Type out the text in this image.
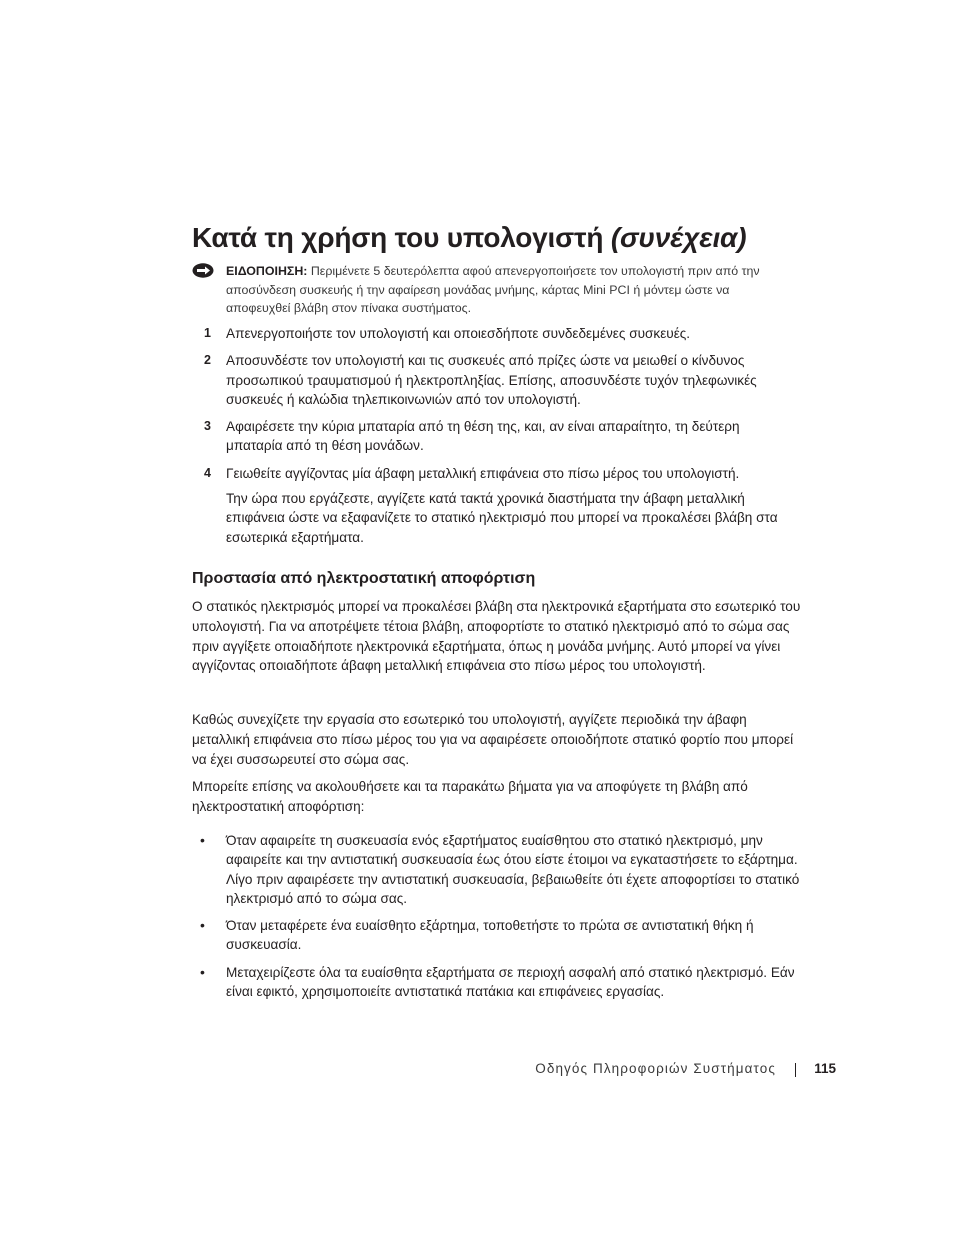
Κατά τη χρήση του υπολογιστή (συνέχεια)

ΕΙΔΟΠΟΙΗΣΗ: Περιμένετε 5 δευτερόλεπτα αφού απενεργοποιήσετε τον υπολογιστή πριν από την αποσύνδεση συσκευής ή την αφαίρεση μονάδας μνήμης, κάρτας Mini PCI ή μόντεμ ώστε να αποφευχθεί βλάβη στον πίνακα συστήματος.

1 Απενεργοποιήστε τον υπολογιστή και οποιεσδήποτε συνδεδεμένες συσκευές.
2 Αποσυνδέστε τον υπολογιστή και τις συσκευές από πρίζες ώστε να μειωθεί ο κίνδυνος προσωπικού τραυματισμού ή ηλεκτροπληξίας. Επίσης, αποσυνδέστε τυχόν τηλεφωνικές συσκευές ή καλώδια τηλεπικοινωνιών από τον υπολογιστή.
3 Αφαιρέσετε την κύρια μπαταρία από τη θέση της, και, αν είναι απαραίτητο, τη δεύτερη μπαταρία από τη θέση μονάδων.
4 Γειωθείτε αγγίζοντας μία άβαφη μεταλλική επιφάνεια στο πίσω μέρος του υπολογιστή.

Την ώρα που εργάζεστε, αγγίζετε κατά τακτά χρονικά διαστήματα την άβαφη μεταλλική επιφάνεια ώστε να εξαφανίζετε το στατικό ηλεκτρισμό που μπορεί να προκαλέσει βλάβη στα εσωτερικά εξαρτήματα.

Προστασία από ηλεκτροστατική αποφόρτιση

Ο στατικός ηλεκτρισμός μπορεί να προκαλέσει βλάβη στα ηλεκτρονικά εξαρτήματα στο εσωτερικό του υπολογιστή. Για να αποτρέψετε τέτοια βλάβη, αποφορτίστε το στατικό ηλεκτρισμό από το σώμα σας πριν αγγίξετε οποιαδήποτε ηλεκτρονικά εξαρτήματα, όπως η μονάδα μνήμης. Αυτό μπορεί να γίνει αγγίζοντας οποιαδήποτε άβαφη μεταλλική επιφάνεια στο πίσω μέρος του υπολογιστή.

Καθώς συνεχίζετε την εργασία στο εσωτερικό του υπολογιστή, αγγίζετε περιοδικά την άβαφη μεταλλική επιφάνεια στο πίσω μέρος του για να αφαιρέσετε οποιοδήποτε στατικό φορτίο που μπορεί να έχει συσσωρευτεί στο σώμα σας.

Μπορείτε επίσης να ακολουθήσετε και τα παρακάτω βήματα για να αποφύγετε τη βλάβη από ηλεκτροστατική αποφόρτιση:

• Όταν αφαιρείτε τη συσκευασία ενός εξαρτήματος ευαίσθητου στο στατικό ηλεκτρισμό, μην αφαιρείτε και την αντιστατική συσκευασία έως ότου είστε έτοιμοι να εγκαταστήσετε το εξάρτημα. Λίγο πριν αφαιρέσετε την αντιστατική συσκευασία, βεβαιωθείτε ότι έχετε αποφορτίσει το στατικό ηλεκτρισμό από το σώμα σας.
• Όταν μεταφέρετε ένα ευαίσθητο εξάρτημα, τοποθετήστε το πρώτα σε αντιστατική θήκη ή συσκευασία.
• Μεταχειρίζεστε όλα τα ευαίσθητα εξαρτήματα σε περιοχή ασφαλή από στατικό ηλεκτρισμό. Εάν είναι εφικτό, χρησιμοποιείτε αντιστατικά πατάκια και επιφάνειες εργασίας.
Οδηγός Πληροφοριών Συστήματος	115
